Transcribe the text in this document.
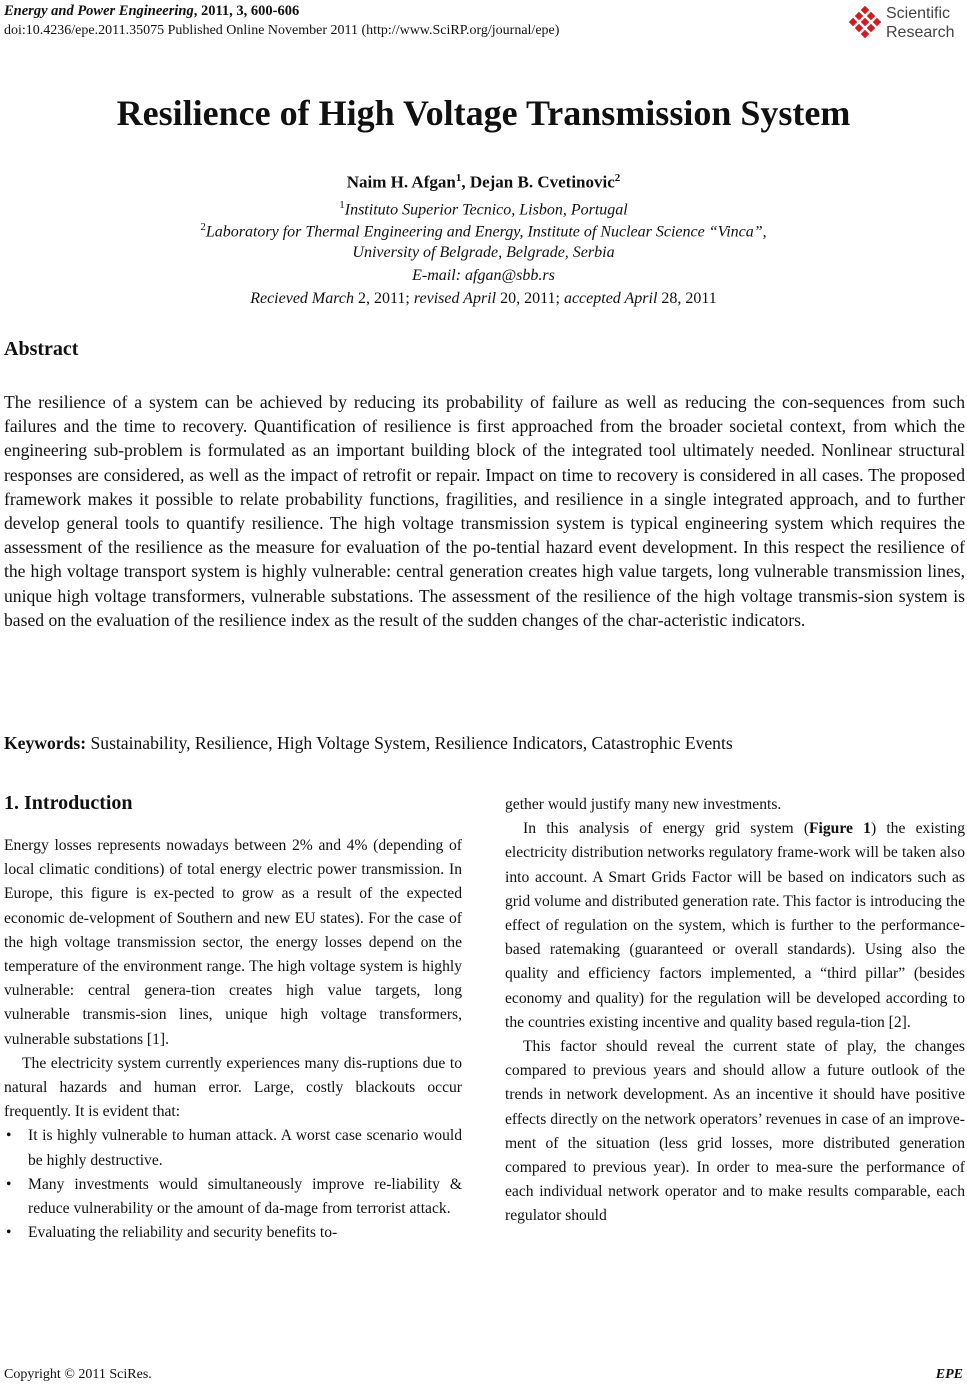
Energy and Power Engineering, 2011, 3, 600-606
doi:10.4236/epe.2011.35075 Published Online November 2011 (http://www.SciRP.org/journal/epe)
Scientific
Research
Resilience of High Voltage Transmission System
Naim H. Afgan$^1$, Dejan B. Cvetinovic$^2$
$^1$Instituto Superior Tecnico, Lisbon, Portugal
$^2$Laboratory for Thermal Engineering and Energy, Institute of Nuclear Science “Vinca”,
University of Belgrade, Belgrade, Serbia
E-mail: afgan@sbb.rs
Recieved March 2, 2011; revised April 20, 2011; accepted April 28, 2011
Abstract
The resilience of a system can be achieved by reducing its probability of failure as well as reducing the con-sequences from such failures and the time to recovery. Quantification of resilience is first approached from the broader societal context, from which the engineering sub-problem is formulated as an important building block of the integrated tool ultimately needed. Nonlinear structural responses are considered, as well as the impact of retrofit or repair. Impact on time to recovery is considered in all cases. The proposed framework makes it possible to relate probability functions, fragilities, and resilience in a single integrated approach, and to further develop general tools to quantify resilience. The high voltage transmission system is typical engineering system which requires the assessment of the resilience as the measure for evaluation of the po-tential hazard event development. In this respect the resilience of the high voltage transport system is highly vulnerable: central generation creates high value targets, long vulnerable transmission lines, unique high voltage transformers, vulnerable substations. The assessment of the resilience of the high voltage transmis-sion system is based on the evaluation of the resilience index as the result of the sudden changes of the char-acteristic indicators.
Keywords: Sustainability, Resilience, High Voltage System, Resilience Indicators, Catastrophic Events
1. Introduction

Energy losses represents nowadays between 2% and 4% (depending of local climatic conditions) of total energy electric power transmission. In Europe, this figure is ex-pected to grow as a result of the expected economic de-velopment of Southern and new EU states). For the case of the high voltage transmission sector, the energy losses depend on the temperature of the environment range. The high voltage system is highly vulnerable: central genera-tion creates high value targets, long vulnerable transmis-sion lines, unique high voltage transformers, vulnerable substations [1].

The electricity system currently experiences many dis-ruptions due to natural hazards and human error. Large, costly blackouts occur frequently. It is evident that:

• It is highly vulnerable to human attack. A worst case scenario would be highly destructive.
• Many investments would simultaneously improve re-liability & reduce vulnerability or the amount of da-mage from terrorist attack.
• Evaluating the reliability and security benefits to-

gether would justify many new investments.

In this analysis of energy grid system (Figure 1) the existing electricity distribution networks regulatory frame-work will be taken also into account. A Smart Grids Factor will be based on indicators such as grid volume and distributed generation rate. This factor is introducing the effect of regulation on the system, which is further to the performance-based ratemaking (guaranteed or overall standards). Using also the quality and efficiency factors implemented, a “third pillar” (besides economy and quality) for the regulation will be developed according to the countries existing incentive and quality based regula-tion [2].

This factor should reveal the current state of play, the changes compared to previous years and should allow a future outlook of the trends in network development. As an incentive it should have positive effects directly on the network operators’ revenues in case of an improve-ment of the situation (less grid losses, more distributed generation compared to previous year). In order to mea-sure the performance of each individual network operator and to make results comparable, each regulator should

Copyright © 2011 SciRes.	EPE
